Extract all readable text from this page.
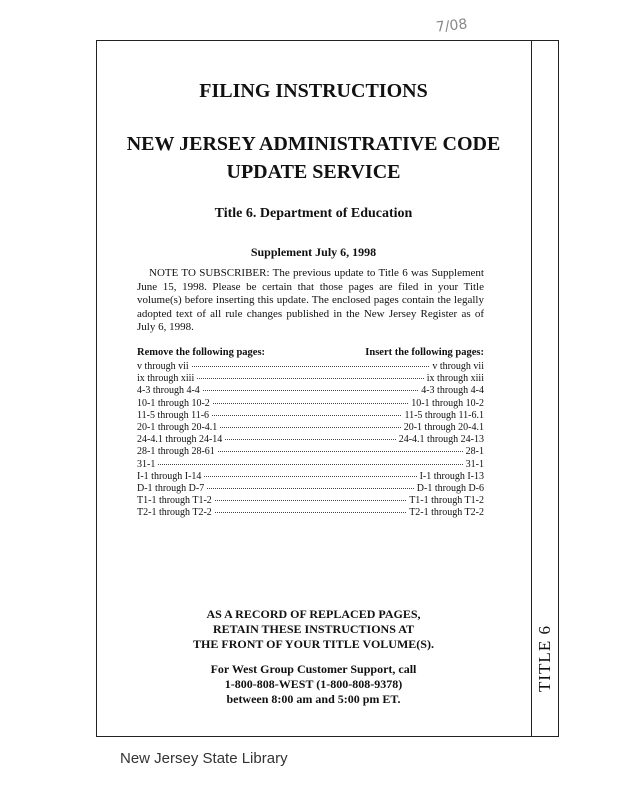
7/08
TITLE 6
FILING INSTRUCTIONS
NEW JERSEY ADMINISTRATIVE CODE
UPDATE SERVICE
Title 6. Department of Education
Supplement July 6, 1998
NOTE TO SUBSCRIBER: The previous update to Title 6 was Supplement June 15, 1998. Please be certain that those pages are filed in your Title volume(s) before inserting this update. The enclosed pages contain the legally adopted text of all rule changes published in the New Jersey Register as of July 6, 1998.
Remove the following pages:	Insert the following pages:
v through vii	v through vii
ix through xiii	ix through xiii
4-3 through 4-4	4-3 through 4-4
10-1 through 10-2	10-1 through 10-2
11-5 through 11-6	11-5 through 11-6.1
20-1 through 20-4.1	20-1 through 20-4.1
24-4.1 through 24-14	24-4.1 through 24-13
28-1 through 28-61	28-1
31-1	31-1
I-1 through I-14	I-1 through I-13
D-1 through D-7	D-1 through D-6
T1-1 through T1-2	T1-1 through T1-2
T2-1 through T2-2	T2-1 through T2-2
AS A RECORD OF REPLACED PAGES,
RETAIN THESE INSTRUCTIONS AT
THE FRONT OF YOUR TITLE VOLUME(S).
For West Group Customer Support, call
1-800-808-WEST (1-800-808-9378)
between 8:00 am and 5:00 pm ET.
New Jersey State Library
